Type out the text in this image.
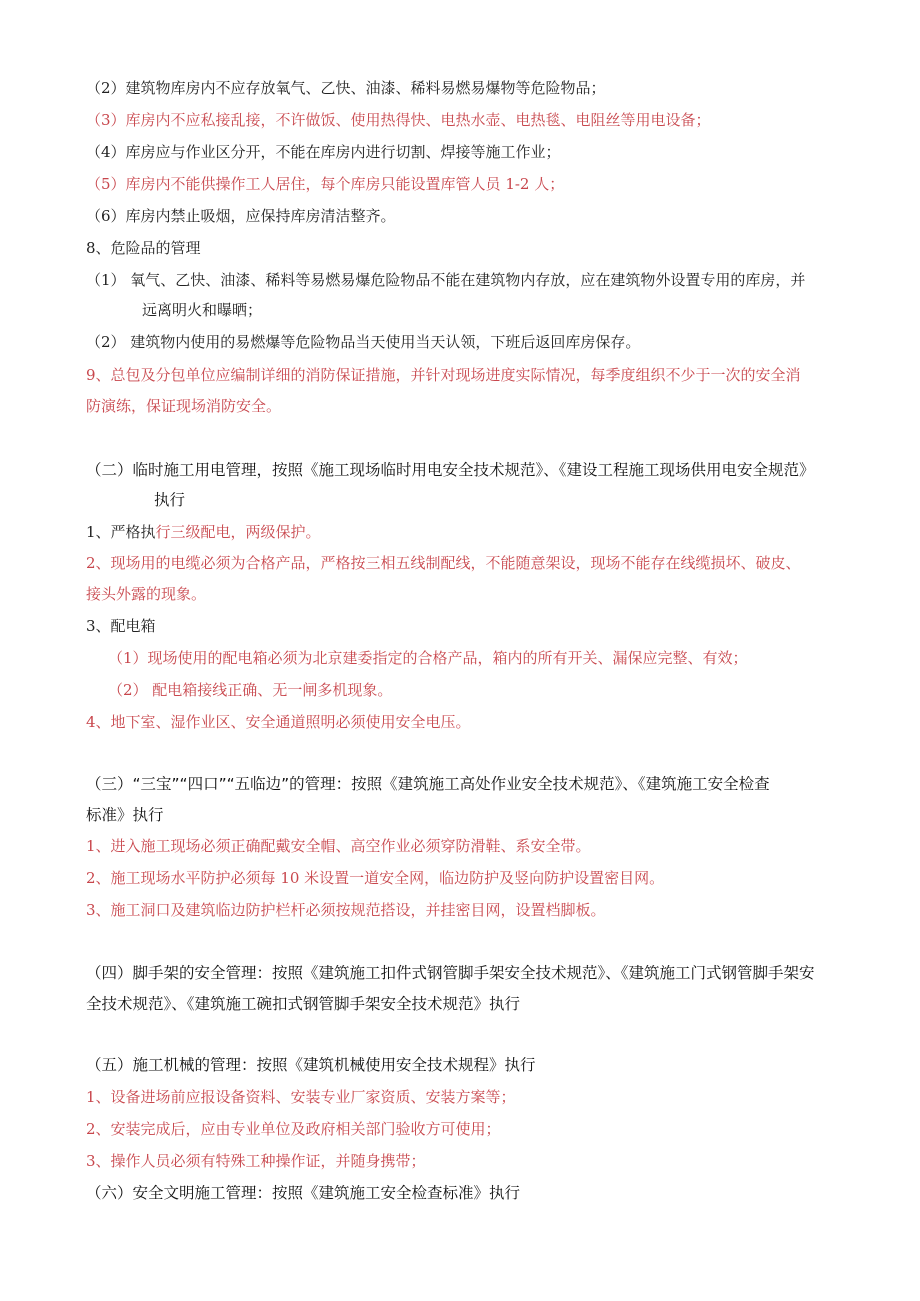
（2）建筑物库房内不应存放氧气、乙快、油漆、稀料易燃易爆物等危险物品；
（3）库房内不应私接乱接，不许做饭、使用热得快、电热水壶、电热毯、电阻丝等用电设备；
（4）库房应与作业区分开，不能在库房内进行切割、焊接等施工作业；
（5）库房内不能供操作工人居住，每个库房只能设置库管人员 1-2 人；
（6）库房内禁止吸烟，应保持库房清洁整齐。
8、危险品的管理
（1） 氧气、乙快、油漆、稀料等易燃易爆危险物品不能在建筑物内存放，应在建筑物外设置专用的库房，并
远离明火和曝晒；
（2） 建筑物内使用的易燃爆等危险物品当天使用当天认领，下班后返回库房保存。
9、总包及分包单位应编制详细的消防保证措施，并针对现场进度实际情况，每季度组织不少于一次的安全消
防演练，保证现场消防安全。
（二）临时施工用电管理，按照《施工现场临时用电安全技术规范》、《建设工程施工现场供用电安全规范》
执行
1、严格执行三级配电，两级保护。
2、现场用的电缆必须为合格产品，严格按三相五线制配线，不能随意架设，现场不能存在线缆损坏、破皮、
接头外露的现象。
3、配电箱
（1）现场使用的配电箱必须为北京建委指定的合格产品，箱内的所有开关、漏保应完整、有效；
（2） 配电箱接线正确、无一闸多机现象。
4、地下室、湿作业区、安全通道照明必须使用安全电压。
（三）“三宝”“四口”“五临边”的管理：按照《建筑施工高处作业安全技术规范》、《建筑施工安全检查
标准》执行
1、进入施工现场必须正确配戴安全帽、高空作业必须穿防滑鞋、系安全带。
2、施工现场水平防护必须每 10 米设置一道安全网，临边防护及竖向防护设置密目网。
3、施工洞口及建筑临边防护栏杆必须按规范搭设，并挂密目网，设置档脚板。
（四）脚手架的安全管理：按照《建筑施工扣件式钢管脚手架安全技术规范》、《建筑施工门式钢管脚手架安
全技术规范》、《建筑施工碗扣式钢管脚手架安全技术规范》执行
（五）施工机械的管理：按照《建筑机械使用安全技术规程》执行
1、设备进场前应报设备资料、安装专业厂家资质、安装方案等；
2、安装完成后，应由专业单位及政府相关部门验收方可使用；
3、操作人员必须有特殊工种操作证，并随身携带；
（六）安全文明施工管理：按照《建筑施工安全检查标准》执行
